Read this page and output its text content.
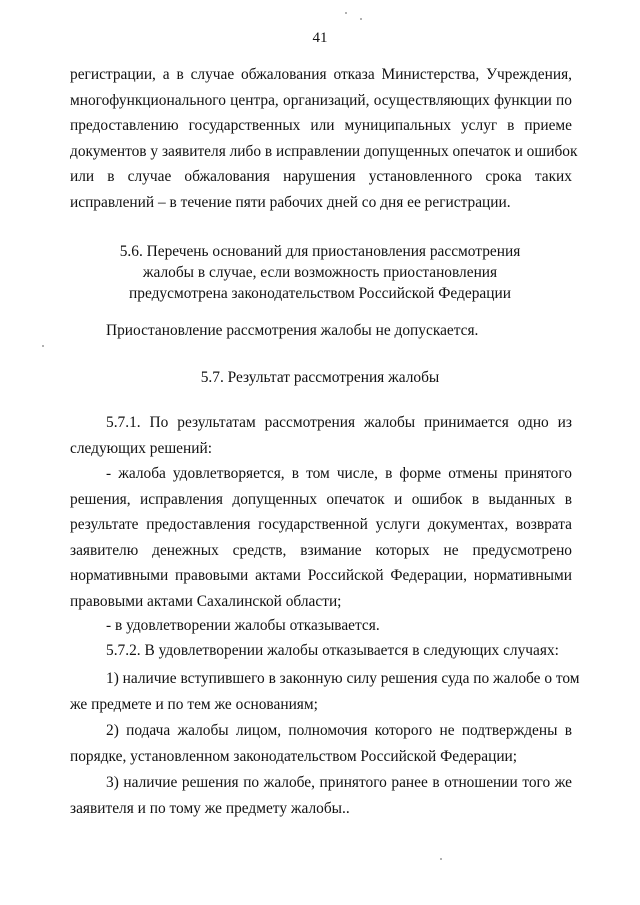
41
регистрации, а в случае обжалования отказа Министерства, Учреждения,
многофункционального центра, организаций, осуществляющих функции по
предоставлению государственных или муниципальных услуг в приеме
документов у заявителя либо в исправлении допущенных опечаток и ошибок
или в случае обжалования нарушения установленного срока таких
исправлений – в течение пяти рабочих дней со дня ее регистрации.
5.6. Перечень оснований для приостановления рассмотрения
жалобы в случае, если возможность приостановления
предусмотрена законодательством Российской Федерации
Приостановление рассмотрения жалобы не допускается.
5.7. Результат рассмотрения жалобы
5.7.1. По результатам рассмотрения жалобы принимается одно из
следующих решений:
- жалоба удовлетворяется, в том числе, в форме отмены принятого
решения, исправления допущенных опечаток и ошибок в выданных в
результате предоставления государственной услуги документах, возврата
заявителю денежных средств, взимание которых не предусмотрено
нормативными правовыми актами Российской Федерации, нормативными
правовыми актами Сахалинской области;
- в удовлетворении жалобы отказывается.
5.7.2. В удовлетворении жалобы отказывается в следующих случаях:
1) наличие вступившего в законную силу решения суда по жалобе о том
же предмете и по тем же основаниям;
2) подача жалобы лицом, полномочия которого не подтверждены в
порядке, установленном законодательством Российской Федерации;
3) наличие решения по жалобе, принятого ранее в отношении того же
заявителя и по тому же предмету жалобы..
